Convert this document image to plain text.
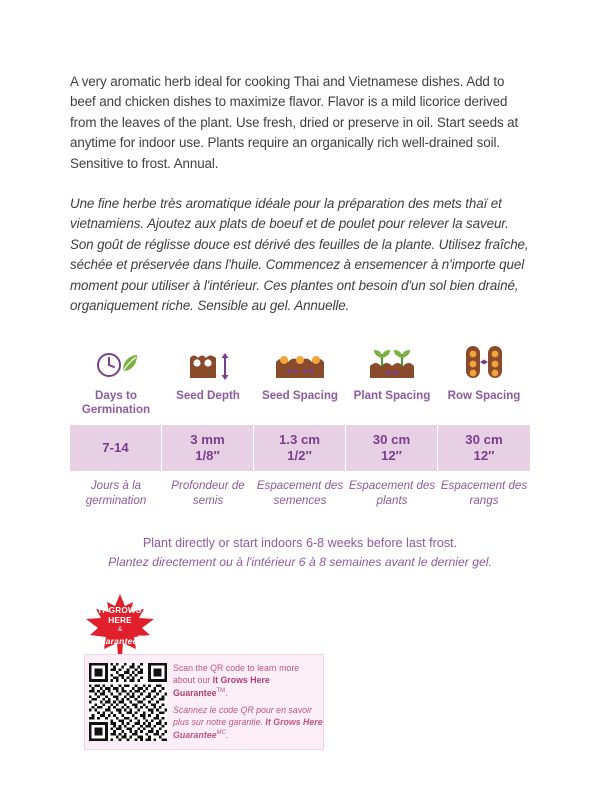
A very aromatic herb ideal for cooking Thai and Vietnamese dishes. Add to beef and chicken dishes to maximize flavor. Flavor is a mild licorice derived from the leaves of the plant. Use fresh, dried or preserve in oil. Start seeds at anytime for indoor use. Plants require an organically rich well-drained soil. Sensitive to frost. Annual.

Une fine herbe très aromatique idéale pour la préparation des mets thaï et vietnamiens. Ajoutez aux plats de boeuf et de poulet pour relever la saveur. Son goût de réglisse douce est dérivé des feuilles de la plante. Utilisez fraîche, séchée et préservée dans l'huile. Commencez à ensemencer à n'importe quel moment pour utiliser à l'intérieur. Ces plantes ont besoin d'un sol bien drainé, organiquement riche. Sensible au gel. Annuelle.

Days to Germination
Seed Depth Seed Spacing Plant Spacing Row Spacing
7-14
3 mm
1/8″
1.3 cm
1/2″
30 cm
12″
30 cm
12″
Jours à la germination
Profondeur de semis
Espacement des semences
Espacement des plants
Espacement des rangs
Plant directly or start indoors 6-8 weeks before last frost.
Plantez directement ou à l'intérieur 6 à 8 semaines avant le dernier gel.
IT GROWS
HERE
&
Guarantee™
Scan the QR code to learn more about our It Grows Here Guarantee™.
Scannez le code QR pour en savoir plus sur notre garantie. It Grows Here Guarantee$^{MC}$.
